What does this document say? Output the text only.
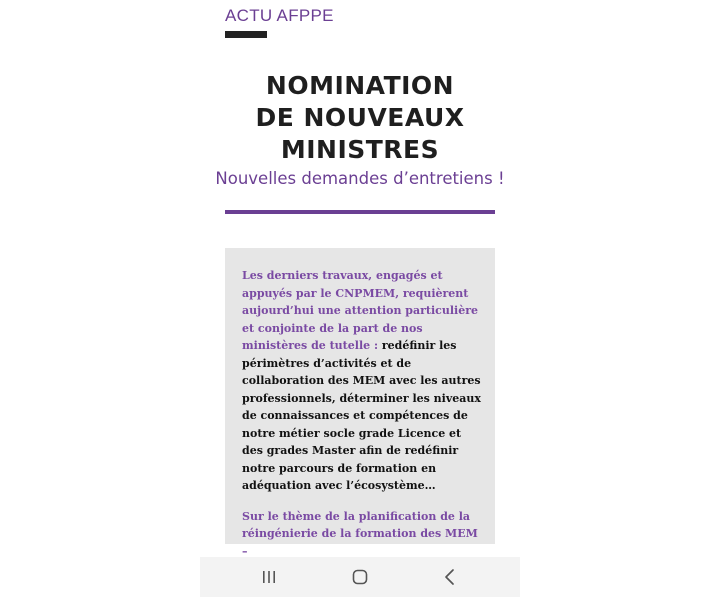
ACTU AFPPE
NOMINATION
DE NOUVEAUX
MINISTRES
Nouvelles demandes d’entretiens !

Les derniers travaux, engagés et appuyés par le CNPMEM, requièrent aujourd’hui une attention particulière et conjointe de la part de nos ministères de tutelle : redéfinir les périmètres d’activités et de collaboration des MEM avec les autres professionnels, déterminer les niveaux de connaissances et compétences de notre métier socle grade Licence et des grades Master afin de redéfinir notre parcours de formation en adéquation avec l’écosystème…

Sur le thème de la planification de la réingénierie de la formation des MEM –
